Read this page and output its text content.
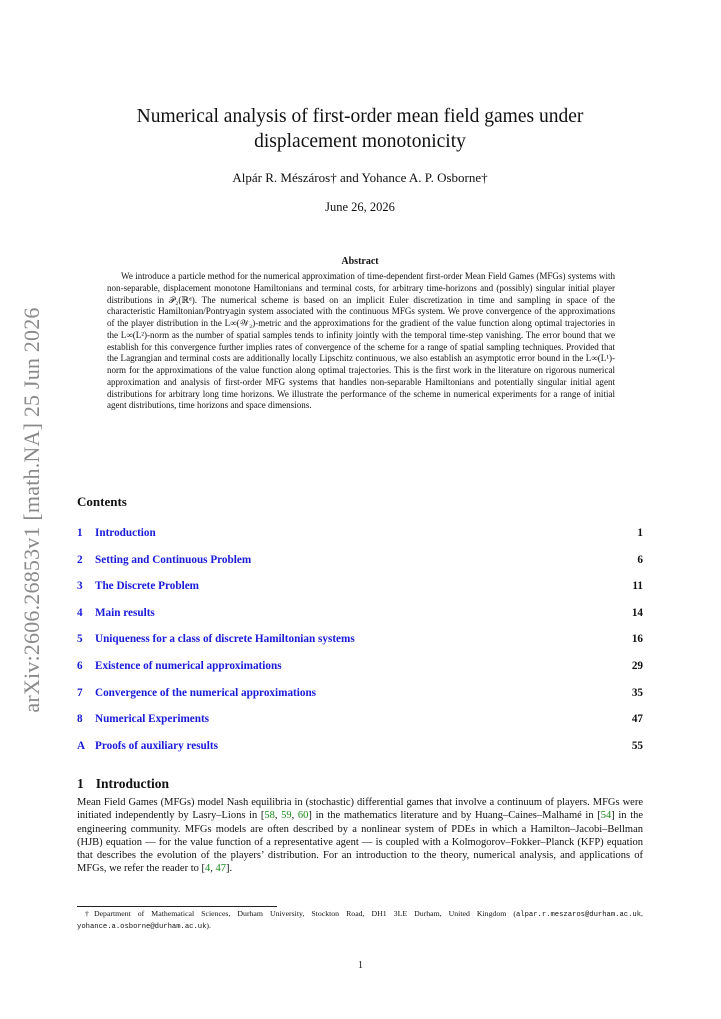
arXiv:2606.26853v1 [math.NA] 25 Jun 2026
Numerical analysis of first-order mean field games under
displacement monotonicity
Alpár R. Mészáros† and Yohance A. P. Osborne†
June 26, 2026
Abstract

We introduce a particle method for the numerical approximation of time-dependent first-order Mean Field Games (MFGs) systems with non-separable, displacement monotone Hamiltonians and terminal costs, for arbitrary time-horizons and (possibly) singular initial player distributions in 𝒫₂(ℝᵈ). The numerical scheme is based on an implicit Euler discretization in time and sampling in space of the characteristic Hamiltonian/Pontryagin system associated with the continuous MFGs system. We prove convergence of the approximations of the player distribution in the L∞(𝒲₂)-metric and the approximations for the gradient of the value function along optimal trajectories in the L∞(L²)-norm as the number of spatial samples tends to infinity jointly with the temporal time-step vanishing. The error bound that we establish for this convergence further implies rates of convergence of the scheme for a range of spatial sampling techniques. Provided that the Lagrangian and terminal costs are additionally locally Lipschitz continuous, we also establish an asymptotic error bound in the L∞(L¹)-norm for the approximations of the value function along optimal trajectories. This is the first work in the literature on rigorous numerical approximation and analysis of first-order MFG systems that handles non-separable Hamiltonians and potentially singular initial agent distributions for arbitrary long time horizons. We illustrate the performance of the scheme in numerical experiments for a range of initial agent distributions, time horizons and space dimensions.

Contents
1 Introduction	1
2 Setting and Continuous Problem	6
3 The Discrete Problem	11
4 Main results	14
5 Uniqueness for a class of discrete Hamiltonian systems	16
6 Existence of numerical approximations	29
7 Convergence of the numerical approximations	35
8 Numerical Experiments	47
A Proofs of auxiliary results	55
1 Introduction

Mean Field Games (MFGs) model Nash equilibria in (stochastic) differential games that involve a continuum of players. MFGs were initiated independently by Lasry–Lions in [58, 59, 60] in the mathematics literature and by Huang–Caines–Malhamé in [54] in the engineering community. MFGs models are often described by a nonlinear system of PDEs in which a Hamilton–Jacobi–Bellman (HJB) equation — for the value function of a representative agent — is coupled with a Kolmogorov–Fokker–Planck (KFP) equation that describes the evolution of the players’ distribution. For an introduction to the theory, numerical analysis, and applications of MFGs, we refer the reader to [4, 47].

†Department of Mathematical Sciences, Durham University, Stockton Road, DH1 3LE Durham, United Kingdom (alpar.r.meszaros@durham.ac.uk, yohance.a.osborne@durham.ac.uk).

1
